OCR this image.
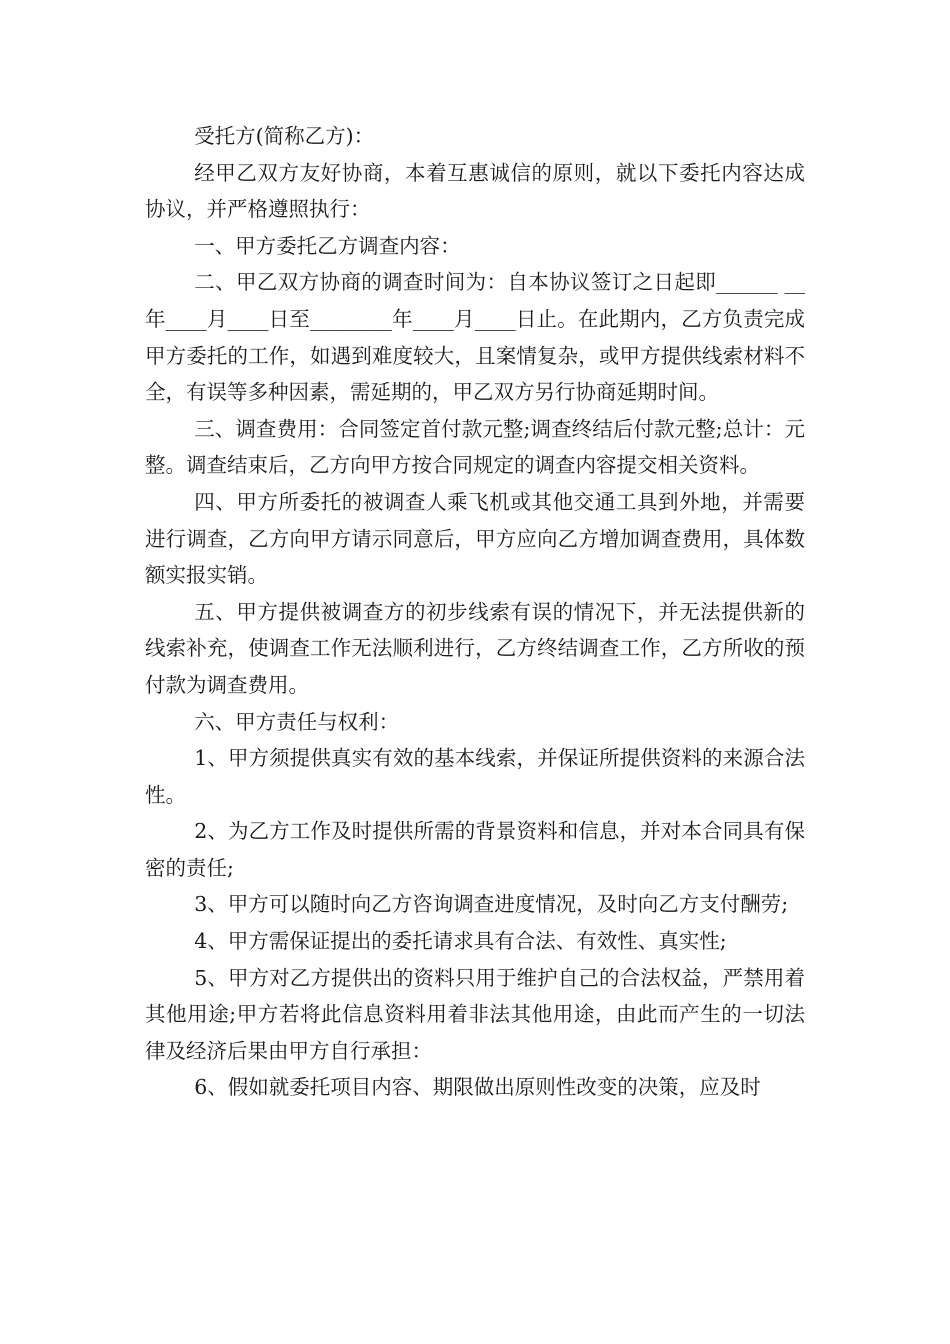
受托方(简称乙方)：

经甲乙双方友好协商，本着互惠诚信的原则，就以下委托内容达成协议，并严格遵照执行：

一、甲方委托乙方调查内容：

二、甲乙双方协商的调查时间为：自本协议签订之日起即______ __年____月____日至________年____月____日止。在此期内，乙方负责完成甲方委托的工作，如遇到难度较大，且案情复杂，或甲方提供线索材料不全，有误等多种因素，需延期的，甲乙双方另行协商延期时间。

三、调查费用：合同签定首付款元整;调查终结后付款元整;总计：元整。调查结束后，乙方向甲方按合同规定的调查内容提交相关资料。

四、甲方所委托的被调查人乘飞机或其他交通工具到外地，并需要进行调查，乙方向甲方请示同意后，甲方应向乙方增加调查费用，具体数额实报实销。

五、甲方提供被调查方的初步线索有误的情况下，并无法提供新的线索补充，使调查工作无法顺利进行，乙方终结调查工作，乙方所收的预付款为调查费用。

六、甲方责任与权利：

1、甲方须提供真实有效的基本线索，并保证所提供资料的来源合法性。

2、为乙方工作及时提供所需的背景资料和信息，并对本合同具有保密的责任;

3、甲方可以随时向乙方咨询调查进度情况，及时向乙方支付酬劳;

4、甲方需保证提出的委托请求具有合法、有效性、真实性;

5、甲方对乙方提供出的资料只用于维护自己的合法权益，严禁用着其他用途;甲方若将此信息资料用着非法其他用途，由此而产生的一切法律及经济后果由甲方自行承担：

6、假如就委托项目内容、期限做出原则性改变的决策，应及时
